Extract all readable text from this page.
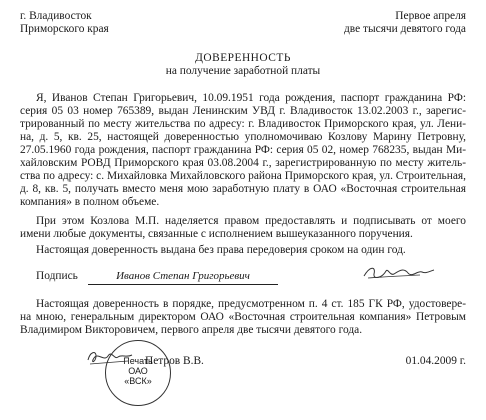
г. Владивосток
Приморского края
Первое апреля
две тысячи девятого года
ДОВЕРЕННОСТЬ
на получение заработной платы
Я, Иванов Степан Григорьевич, 10.09.1951 года рождения, паспорт гражданина РФ:
серия 05 03 номер 765389, выдан Ленинским УВД г. Владивосток 13.02.2003 г., зарегис-
трированный по месту жительства по адресу: г. Владивосток Приморского края, ул. Лени-
на, д. 5, кв. 25, настоящей доверенностью уполномочиваю Козлову Марину Петровну,
27.05.1960 года рождения, паспорт гражданина РФ: серия 05 02, номер 768235, выдан Ми-
хайловским РОВД Приморского края 03.08.2004 г., зарегистрированную по месту житель-
ства по адресу: с. Михайловка Михайловского района Приморского края, ул. Строительная,
д. 8, кв. 5, получать вместо меня мою заработную плату в ОАО «Восточная строительная
компания» в полном объеме.
При этом Козлова М.П. наделяется правом предоставлять и подписывать от моего
имени любые документы, связанные с исполнением вышеуказанного поручения.
Настоящая доверенность выдана без права передоверия сроком на один год.
Подпись	Иванов Степан Григорьевич
Настоящая доверенность в порядке, предусмотренном п. 4 ст. 185 ГК РФ, удостовере-
на мною, генеральным директором ОАО «Восточная строительная компания» Петровым
Владимиром Викторовичем, первого апреля две тысячи девятого года.
Печать
ОАО
«ВСК»
Петров В.В.	01.04.2009 г.
